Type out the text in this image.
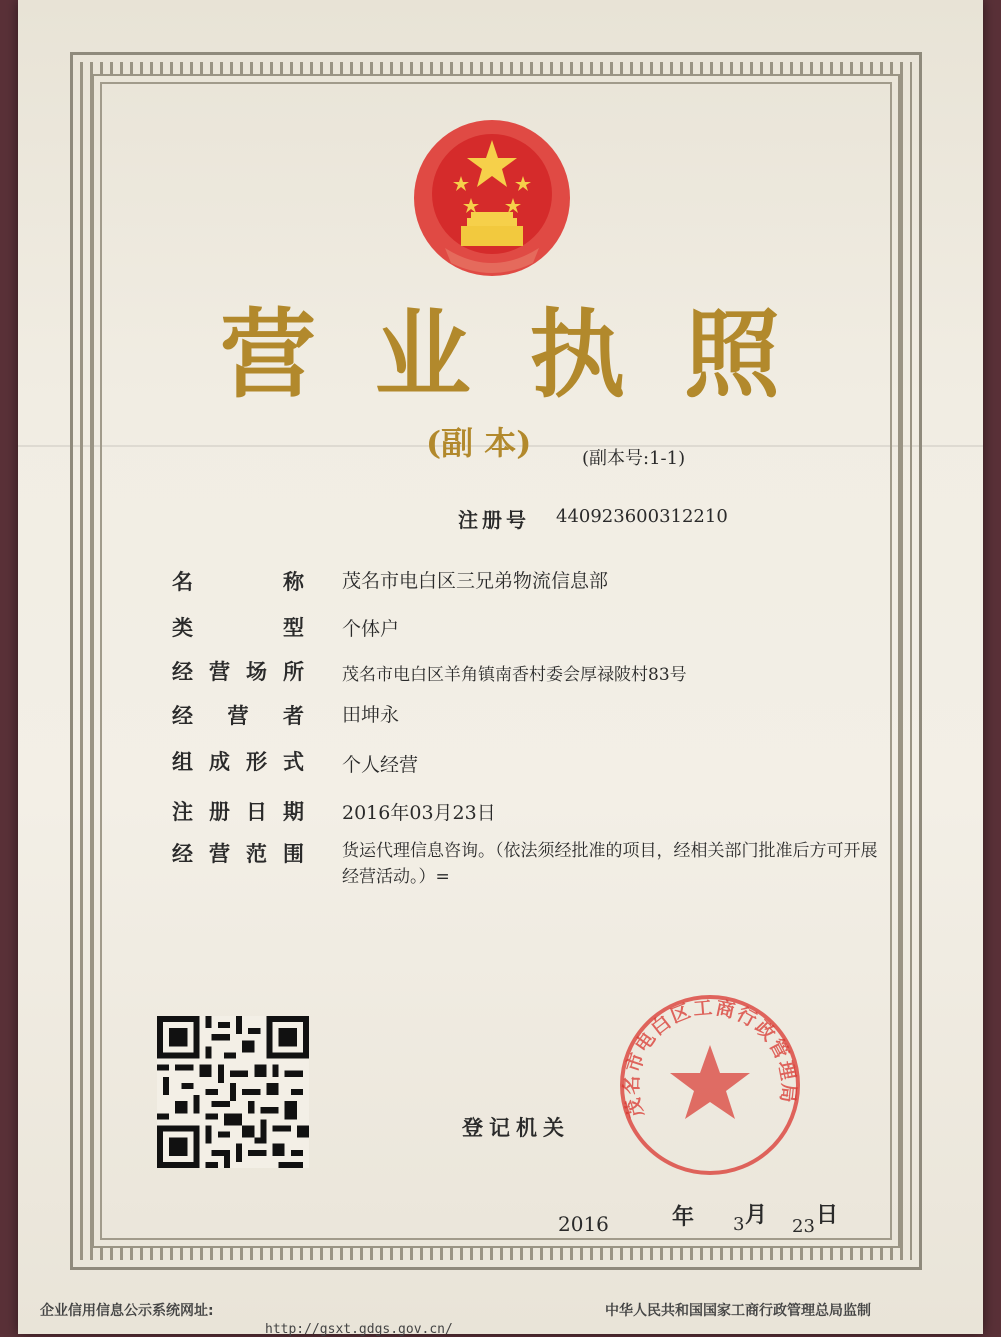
营 业 执 照
(副 本)	(副本号:1-1)
注册号 440923600312210
名	称 茂名市电白区三兄弟物流信息部
类	型 个体户
经 营 场 所 茂名市电白区羊角镇南香村委会厚禄陂村83号
经 营 者 田坤永
组 成 形 式 个人经营
注 册 日 期 2016年03月23日
经 营 范 围 货运代理信息咨询。（依法须经批准的项目，经相关部门批准后方可开展经营活动。）=
登记机关
茂名市电白区工商行政管理局
2016	年 3 月 23 日
企业信用信息公示系统网址:
http://gsxt.gdgs.gov.cn/
中华人民共和国国家工商行政管理总局监制
